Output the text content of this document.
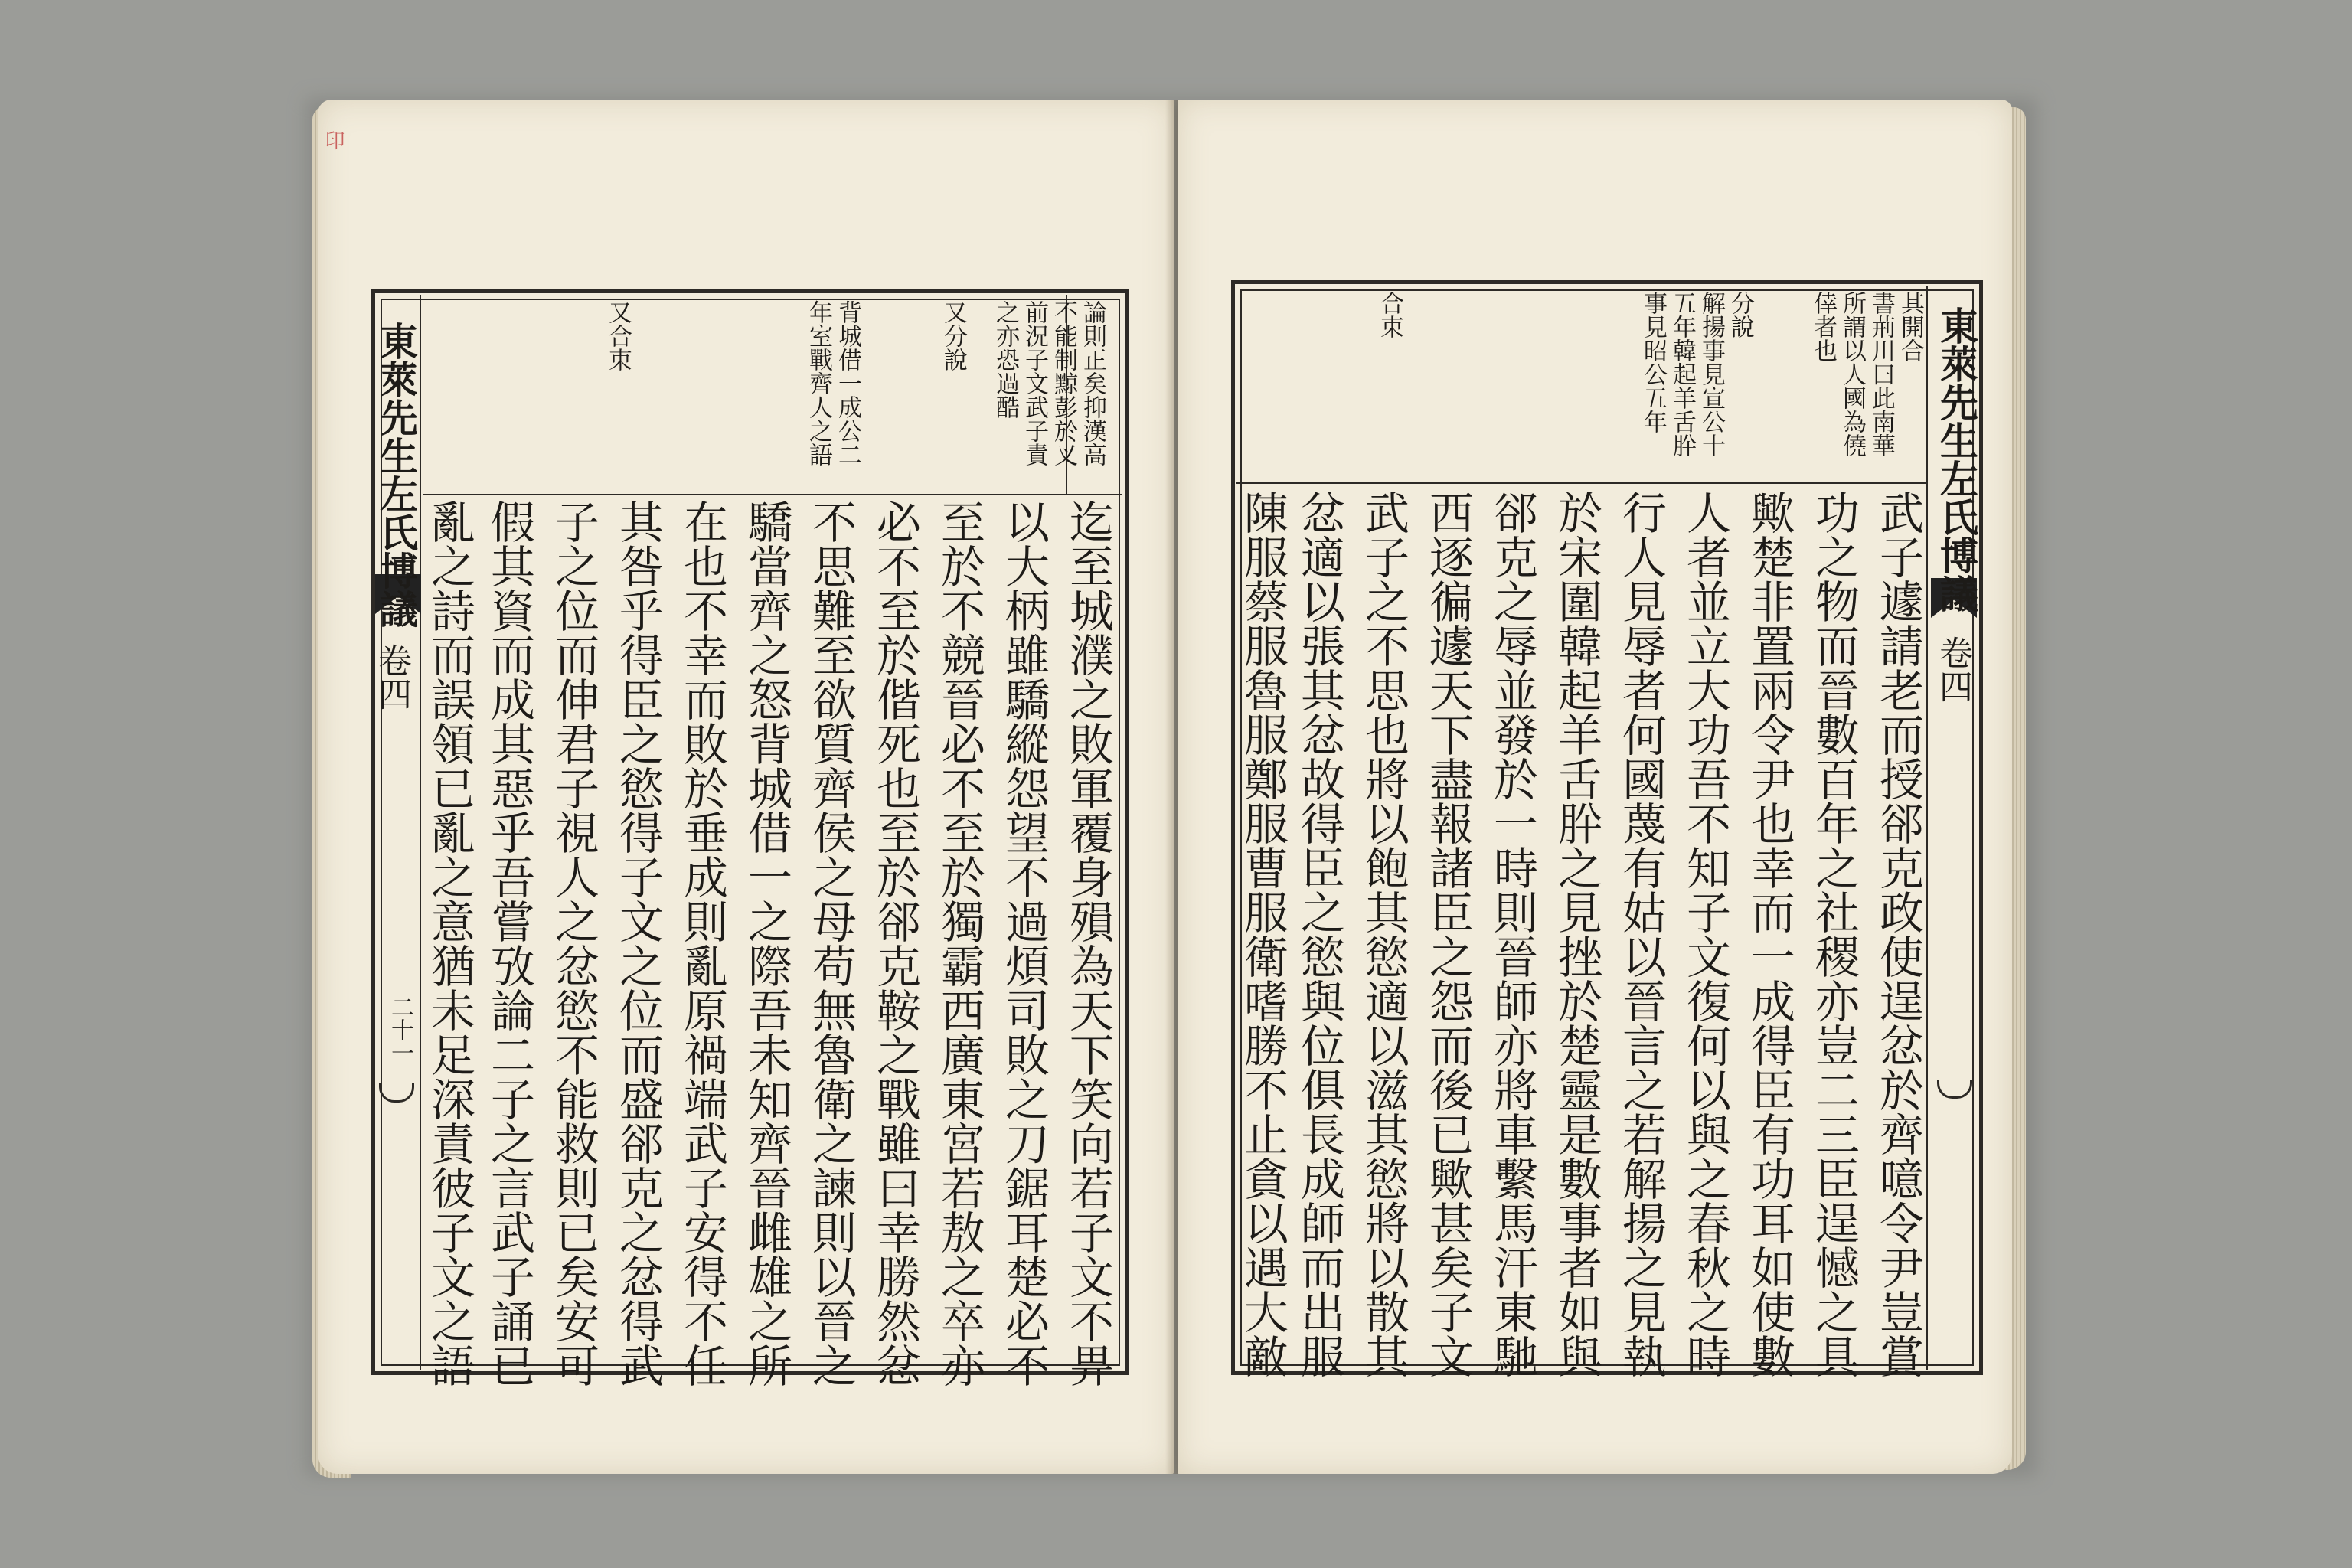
印
東萊先生左氏博議
卷四
二十一
論則正矣抑漢高
不能制黥彭於叉
前況子文武子責
之亦恐過酷
又分說
背城借一成公二
年室戰齊人之語
又合束
迄至城濮之敗軍覆身殞為天下笑向若子文不畀
以大柄雖驕縱怨望不過煩司敗之刀鋸耳楚必不
至於不競晉必不至於獨霸西廣東宮若敖之卒亦
必不至於偕死也至於郤克鞍之戰雖曰幸勝然忿
不思難至欲質齊侯之母苟無魯衛之諫則以晉之
驕當齊之怒背城借一之際吾未知齊晉雌雄之所
在也不幸而敗於垂成則亂原禍端武子安得不任
其咎乎得臣之慾得子文之位而盛郤克之忿得武
子之位而伸君子視人之忿慾不能救則已矣安可
假其資而成其惡乎吾嘗攷論二子之言武子誦已
亂之詩而誤領已亂之意猶未足深責彼子文之語
東萊先生左氏博議
卷四
其開合
書荊川曰此南華
所謂以人國為僥
倖者也
分說
解揚事見宣公十
五年韓起羊舌肸
事見昭公五年
合束
武子遽請老而授郤克政使逞忿於齊噫令尹豈賞
功之物而晉數百年之社稷亦豈二三臣逞憾之具
歟楚非置兩令尹也幸而一成得臣有功耳如使數
人者並立大功吾不知子文復何以與之春秋之時
行人見辱者何國蔑有姑以晉言之若解揚之見執
於宋圍韓起羊舌肸之見挫於楚靈是數事者如與
郤克之辱並發於一時則晉師亦將車繫馬汗東馳
西逐徧遽天下盡報諸臣之怨而後已歟甚矣子文
武子之不思也將以飽其慾適以滋其慾將以散其
忿適以張其忿故得臣之慾與位俱長成師而出服
陳服蔡服魯服鄭服曹服衛嗜勝不止貪以遇大敵
